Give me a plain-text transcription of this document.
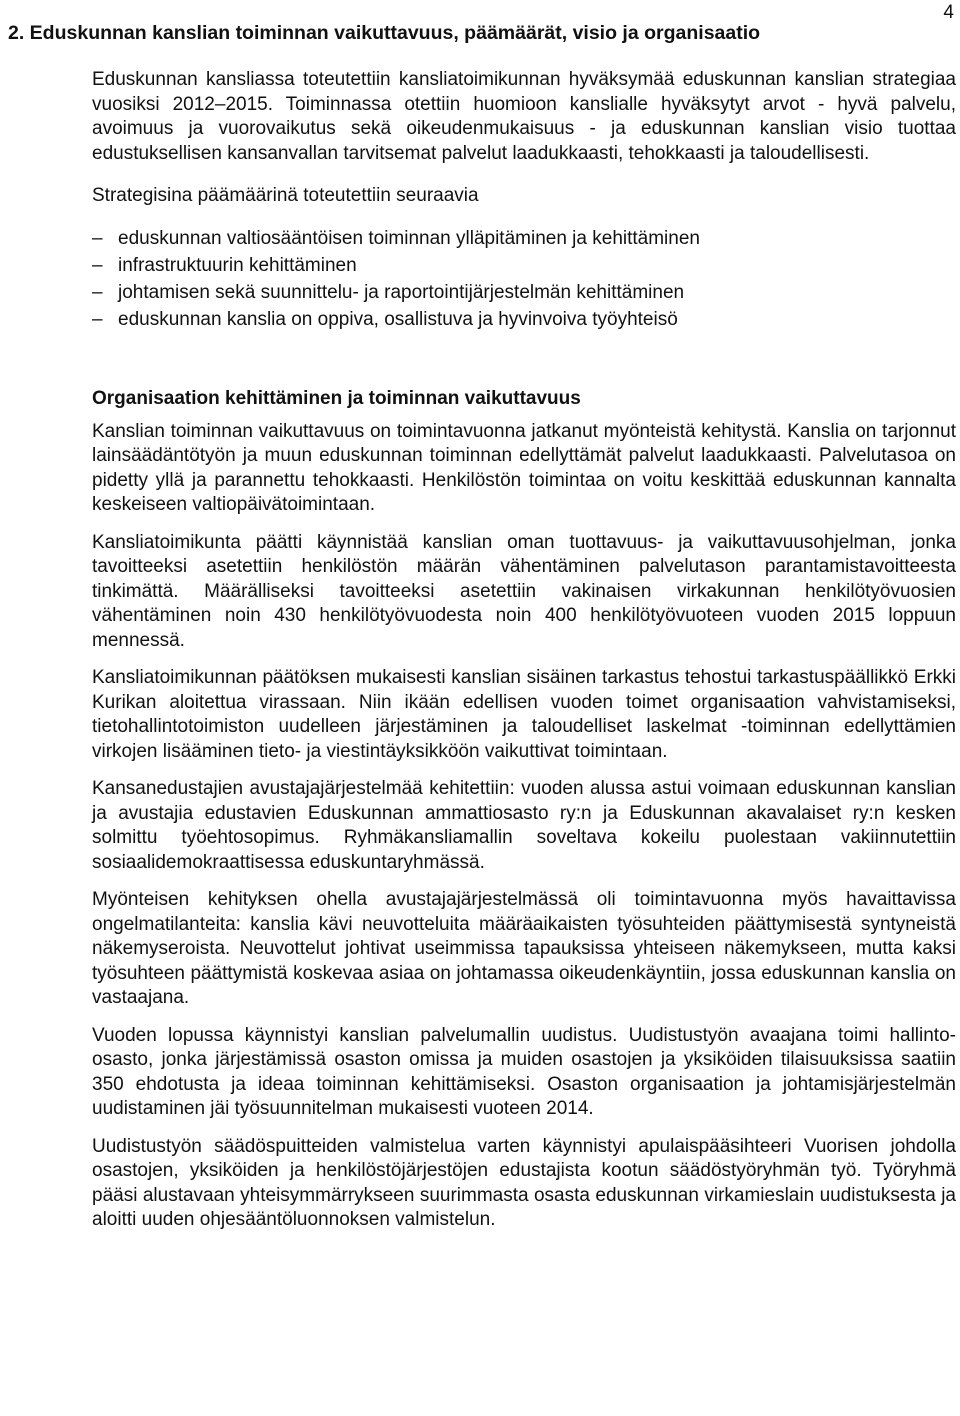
4
2. Eduskunnan kanslian toiminnan vaikuttavuus, päämäärät, visio ja organisaatio

Eduskunnan kansliassa toteutettiin kansliatoimikunnan hyväksymää eduskunnan kanslian strategiaa vuosiksi 2012–2015. Toiminnassa otettiin huomioon kanslialle hyväksytyt arvot - hyvä palvelu, avoimuus ja vuorovaikutus sekä oikeudenmukaisuus - ja eduskunnan kanslian visio tuottaa edustuksellisen kansanvallan tarvitsemat palvelut laadukkaasti, tehokkaasti ja taloudellisesti.

Strategisina päämäärinä toteutettiin seuraavia

– eduskunnan valtiosääntöisen toiminnan ylläpitäminen ja kehittäminen
– infrastruktuurin kehittäminen
– johtamisen sekä suunnittelu- ja raportointijärjestelmän kehittäminen
– eduskunnan kanslia on oppiva, osallistuva ja hyvinvoiva työyhteisö
Organisaation kehittäminen ja toiminnan vaikuttavuus

Kanslian toiminnan vaikuttavuus on toimintavuonna jatkanut myönteistä kehitystä. Kanslia on tarjonnut lainsäädäntötyön ja muun eduskunnan toiminnan edellyttämät palvelut laadukkaasti. Palvelutasoa on pidetty yllä ja parannettu tehokkaasti. Henkilöstön toimintaa on voitu keskittää eduskunnan kannalta keskeiseen valtiopäivätoimintaan.

Kansliatoimikunta päätti käynnistää kanslian oman tuottavuus- ja vaikuttavuusohjelman, jonka tavoitteeksi asetettiin henkilöstön määrän vähentäminen palvelutason parantamistavoitteesta tinkimättä. Määrälliseksi tavoitteeksi asetettiin vakinaisen virkakunnan henkilötyövuosien vähentäminen noin 430 henkilötyövuodesta noin 400 henkilötyövuoteen vuoden 2015 loppuun mennessä.

Kansliatoimikunnan päätöksen mukaisesti kanslian sisäinen tarkastus tehostui tarkastuspäällikkö Erkki Kurikan aloitettua virassaan. Niin ikään edellisen vuoden toimet organisaation vahvistamiseksi, tietohallintotoimiston uudelleen järjestäminen ja taloudelliset laskelmat -toiminnan edellyttämien virkojen lisääminen tieto- ja viestintäyksikköön vaikuttivat toimintaan.

Kansanedustajien avustajajärjestelmää kehitettiin: vuoden alussa astui voimaan eduskunnan kanslian ja avustajia edustavien Eduskunnan ammattiosasto ry:n ja Eduskunnan akavalaiset ry:n kesken solmittu työehtosopimus. Ryhmäkansliamallin soveltava kokeilu puolestaan vakiinnutettiin sosiaalidemokraattisessa eduskuntaryhmässä.

Myönteisen kehityksen ohella avustajajärjestelmässä oli toimintavuonna myös havaittavissa ongelmatilanteita: kanslia kävi neuvotteluita määräaikaisten työsuhteiden päättymisestä syntyneistä näkemyseroista. Neuvottelut johtivat useimmissa tapauksissa yhteiseen näkemykseen, mutta kaksi työsuhteen päättymistä koskevaa asiaa on johtamassa oikeudenkäyntiin, jossa eduskunnan kanslia on vastaajana.

Vuoden lopussa käynnistyi kanslian palvelumallin uudistus. Uudistustyön avaajana toimi hallinto-osasto, jonka järjestämissä osaston omissa ja muiden osastojen ja yksiköiden tilaisuuksissa saatiin 350 ehdotusta ja ideaa toiminnan kehittämiseksi. Osaston organisaation ja johtamisjärjestelmän uudistaminen jäi työsuunnitelman mukaisesti vuoteen 2014.

Uudistustyön säädöspuitteiden valmistelua varten käynnistyi apulaispääsihteeri Vuorisen johdolla osastojen, yksiköiden ja henkilöstöjärjestöjen edustajista kootun säädöstyöryhmän työ. Työryhmä pääsi alustavaan yhteisymmärrykseen suurimmasta osasta eduskunnan virkamieslain uudistuksesta ja aloitti uuden ohjesääntöluonnoksen valmistelun.
